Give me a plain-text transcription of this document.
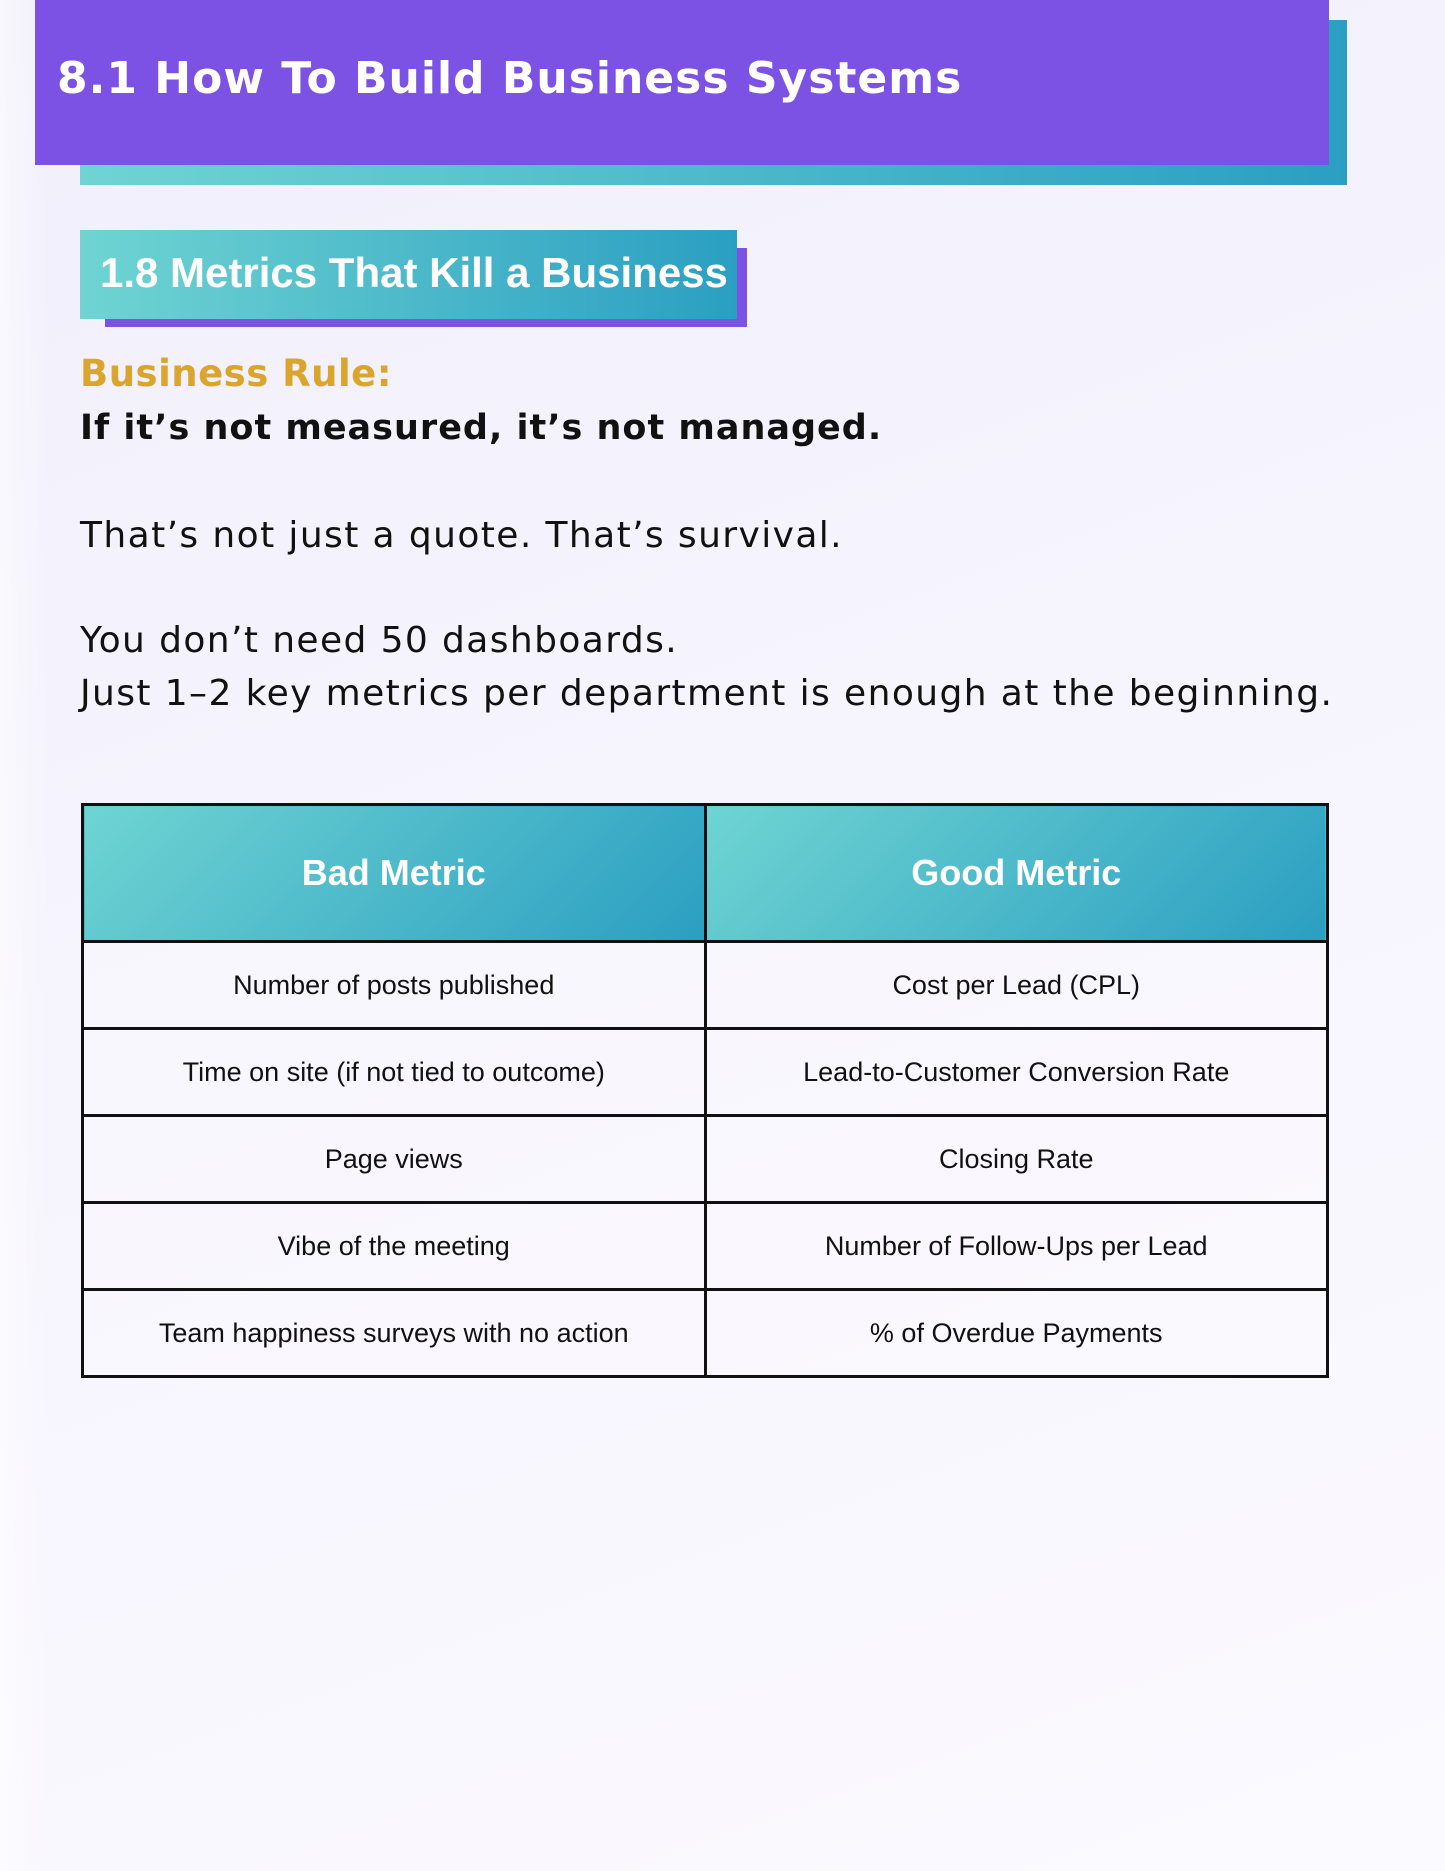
8.1 How To Build Business Systems
1.8 Metrics That Kill a Business
Business Rule:
If it’s not measured, it’s not managed.
That’s not just a quote. That’s survival.
You don’t need 50 dashboards.
Just 1–2 key metrics per department is enough at the beginning.
Bad Metric	Good Metric
Number of posts published	Cost per Lead (CPL)
Time on site (if not tied to outcome)	Lead-to-Customer Conversion Rate
Page views	Closing Rate
Vibe of the meeting	Number of Follow-Ups per Lead
Team happiness surveys with no action	% of Overdue Payments
